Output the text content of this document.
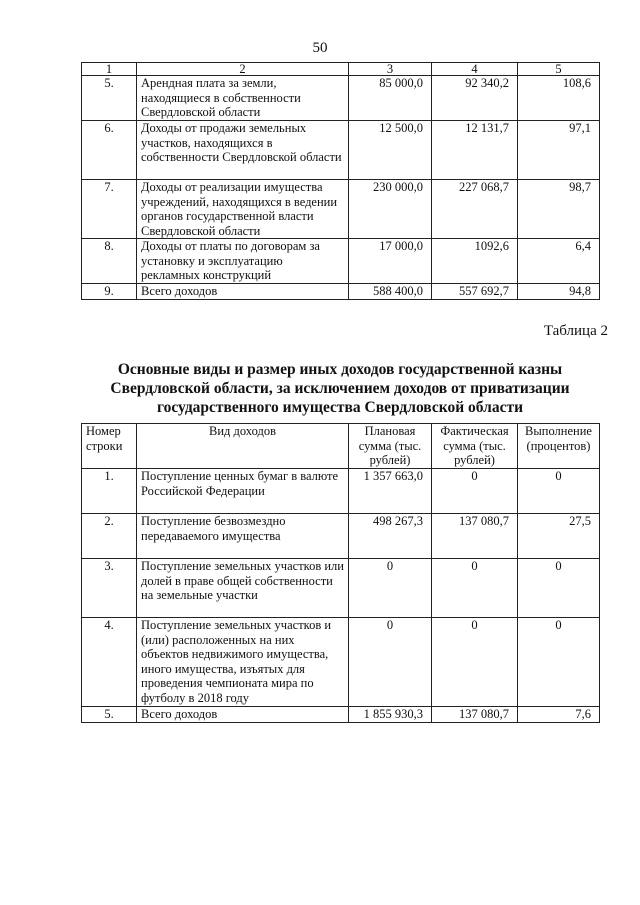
50
1	2	3	4	5
5.	Арендная плата за земли, находящиеся в собственности Свердловской области	85 000,0	92 340,2	108,6
6.	Доходы от продажи земельных участков, находящихся в собственности Свердловской области	12 500,0	12 131,7	97,1
7.	Доходы от реализации имущества учреждений, находящихся в ведении органов государственной власти Свердловской области	230 000,0	227 068,7	98,7
8.	Доходы от платы по договорам за установку и эксплуатацию рекламных конструкций	17 000,0	1092,6	6,4
9.	Всего доходов	588 400,0	557 692,7	94,8
Таблица 2
Основные виды и размер иных доходов государственной казны Свердловской области, за исключением доходов от приватизации государственного имущества Свердловской области
Номер строки	Вид доходов	Плановая сумма (тыс. рублей)	Фактическая сумма (тыс. рублей)	Выполнение (процентов)
1.	Поступление ценных бумаг в валюте Российской Федерации	1 357 663,0	0	0
2.	Поступление безвозмездно передаваемого имущества	498 267,3	137 080,7	27,5
3.	Поступление земельных участков или долей в праве общей собственности на земельные участки	0	0	0
4.	Поступление земельных участков и (или) расположенных на них объектов недвижимого имущества, иного имущества, изъятых для проведения чемпионата мира по футболу в 2018 году	0	0	0
5.	Всего доходов	1 855 930,3	137 080,7	7,6
